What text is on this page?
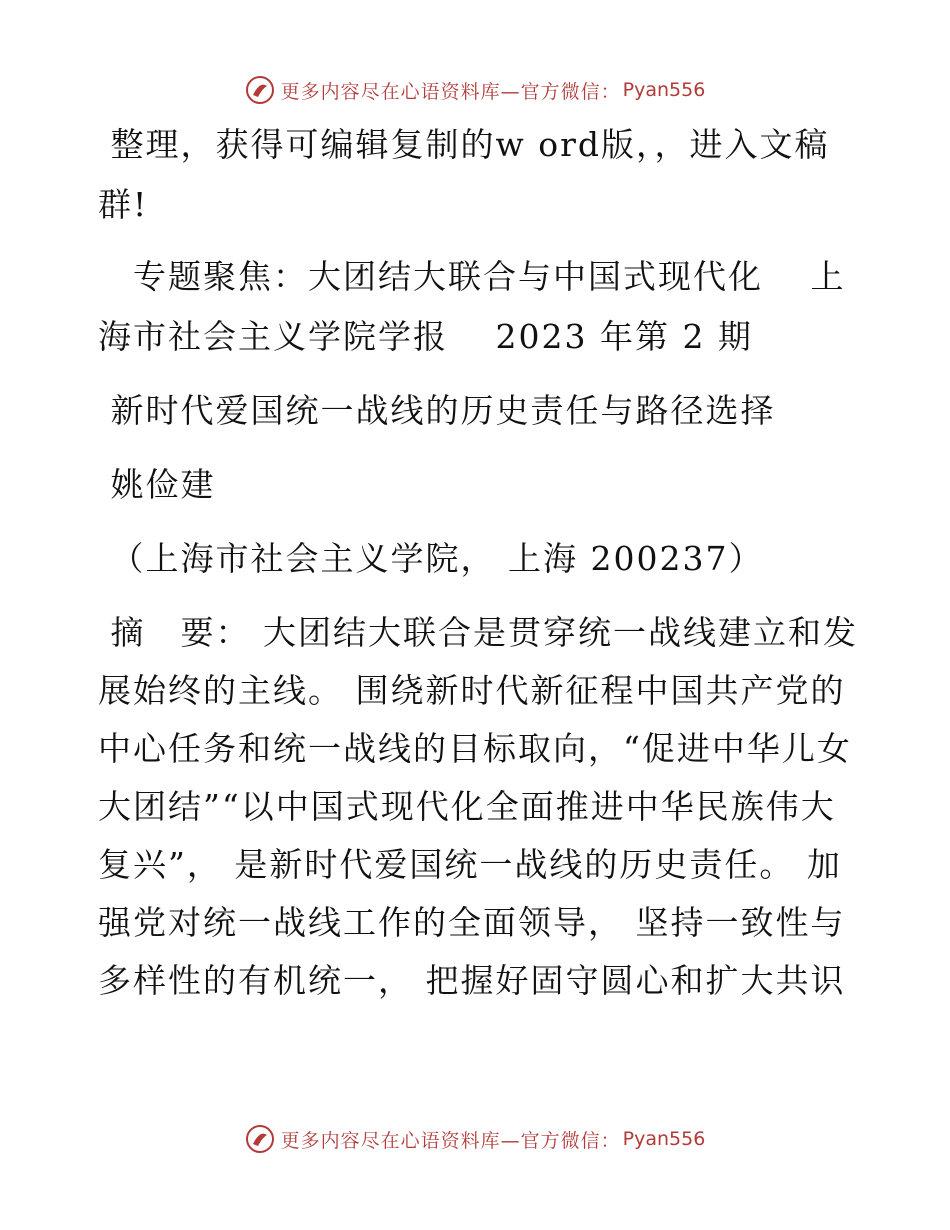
更多内容尽在心语资料库—官方微信： Pyan556
整理，获得可编辑复制的w ord版，，进入文稿
群!
　专题聚焦：大团结大联合与中国式现代化　 上
海市社会主义学院学报　 2023 年第 2 期
新时代爱国统一战线的历史责任与路径选择
姚俭建
（上海市社会主义学院， 上海 200237）
摘　要： 大团结大联合是贯穿统一战线建立和发
展始终的主线。 围绕新时代新征程中国共产党的
中心任务和统一战线的目标取向，“促进中华儿女
大团结”“以中国式现代化全面推进中华民族伟大
复兴”， 是新时代爱国统一战线的历史责任。 加
强党对统一战线工作的全面领导， 坚持一致性与
多样性的有机统一， 把握好固守圆心和扩大共识
更多内容尽在心语资料库—官方微信： Pyan556
